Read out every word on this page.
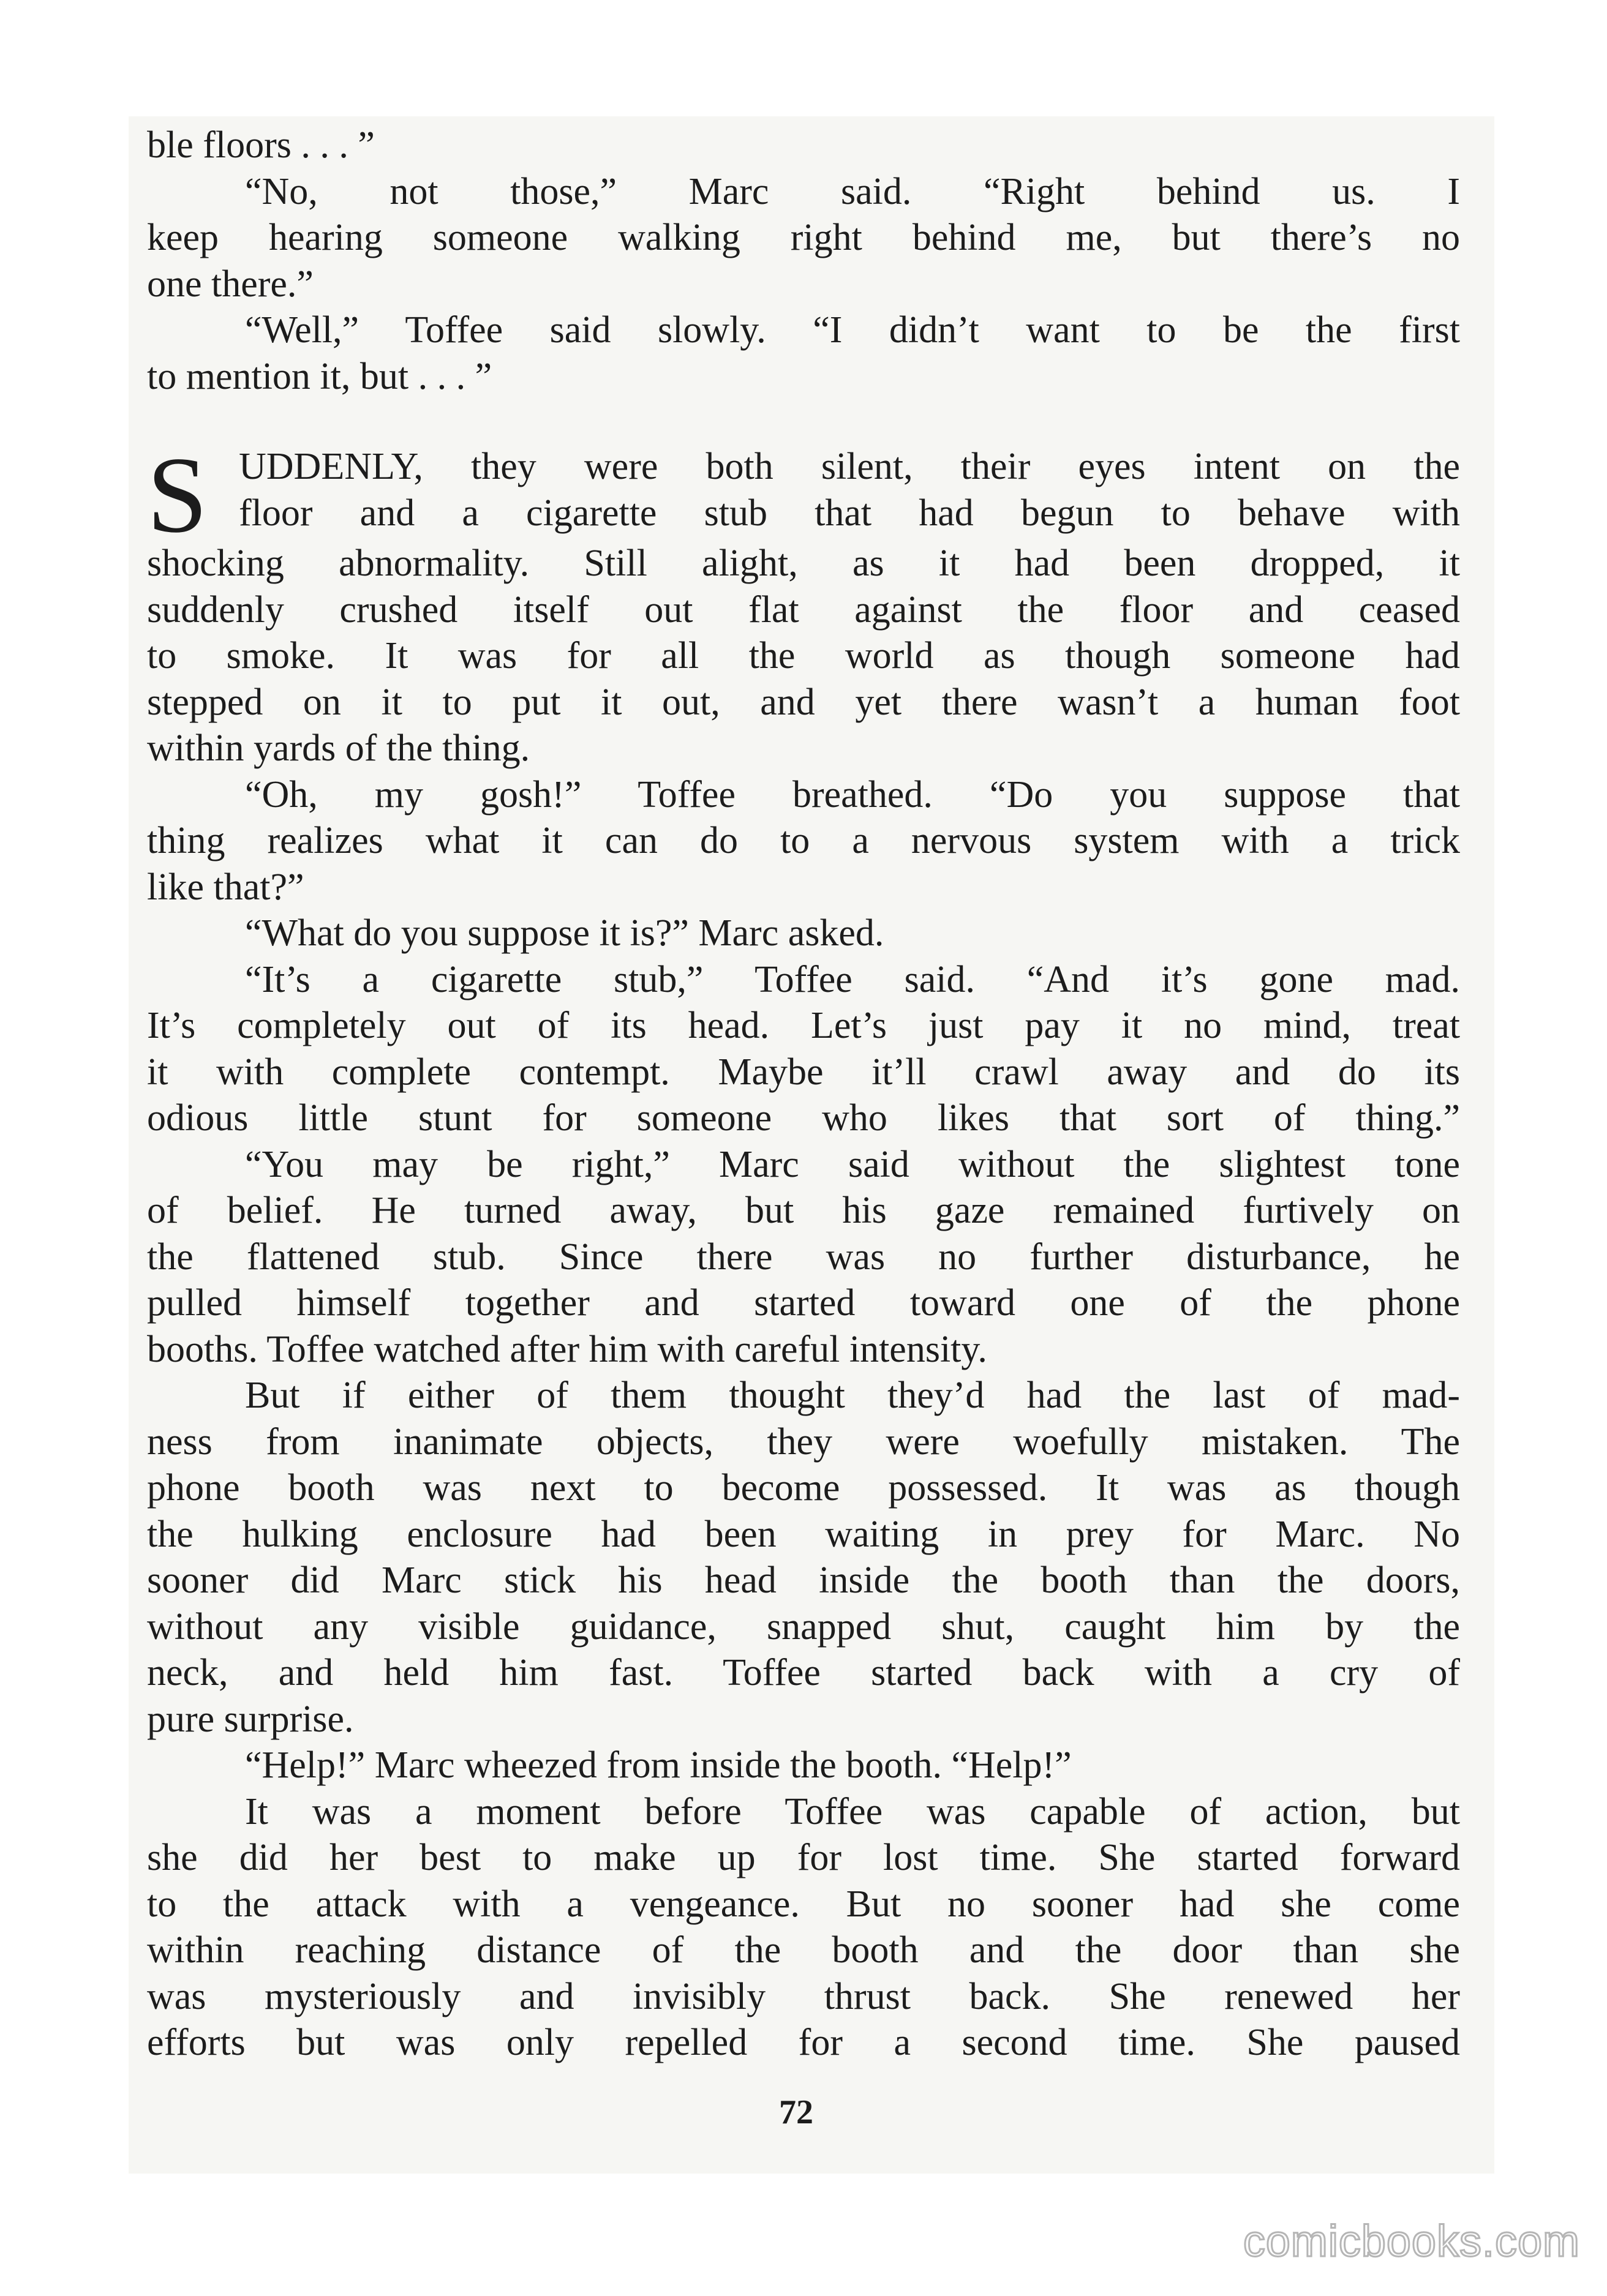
ble floors . . . ”
“No, not those,” Marc said. “Right behind us. I
keep hearing someone walking right behind me, but there’s no
one there.”
“Well,” Toffee said slowly. “I didn’t want to be the first
to mention it, but . . . ”
S UDDENLY, they were both silent, their eyes intent on the
floor and a cigarette stub that had begun to behave with
shocking abnormality. Still alight, as it had been dropped, it
suddenly crushed itself out flat against the floor and ceased
to smoke. It was for all the world as though someone had
stepped on it to put it out, and yet there wasn’t a human foot
within yards of the thing.
“Oh, my gosh!” Toffee breathed. “Do you suppose that
thing realizes what it can do to a nervous system with a trick
like that?”
“What do you suppose it is?” Marc asked.
“It’s a cigarette stub,” Toffee said. “And it’s gone mad.
It’s completely out of its head. Let’s just pay it no mind, treat
it with complete contempt. Maybe it’ll crawl away and do its
odious little stunt for someone who likes that sort of thing.”
“You may be right,” Marc said without the slightest tone
of belief. He turned away, but his gaze remained furtively on
the flattened stub. Since there was no further disturbance, he
pulled himself together and started toward one of the phone
booths. Toffee watched after him with careful intensity.
But if either of them thought they’d had the last of mad-
ness from inanimate objects, they were woefully mistaken. The
phone booth was next to become possessed. It was as though
the hulking enclosure had been waiting in prey for Marc. No
sooner did Marc stick his head inside the booth than the doors,
without any visible guidance, snapped shut, caught him by the
neck, and held him fast. Toffee started back with a cry of
pure surprise.
“Help!” Marc wheezed from inside the booth. “Help!”
It was a moment before Toffee was capable of action, but
she did her best to make up for lost time. She started forward
to the attack with a vengeance. But no sooner had she come
within reaching distance of the booth and the door than she
was mysteriously and invisibly thrust back. She renewed her
efforts but was only repelled for a second time. She paused
72
comicbooks.com
